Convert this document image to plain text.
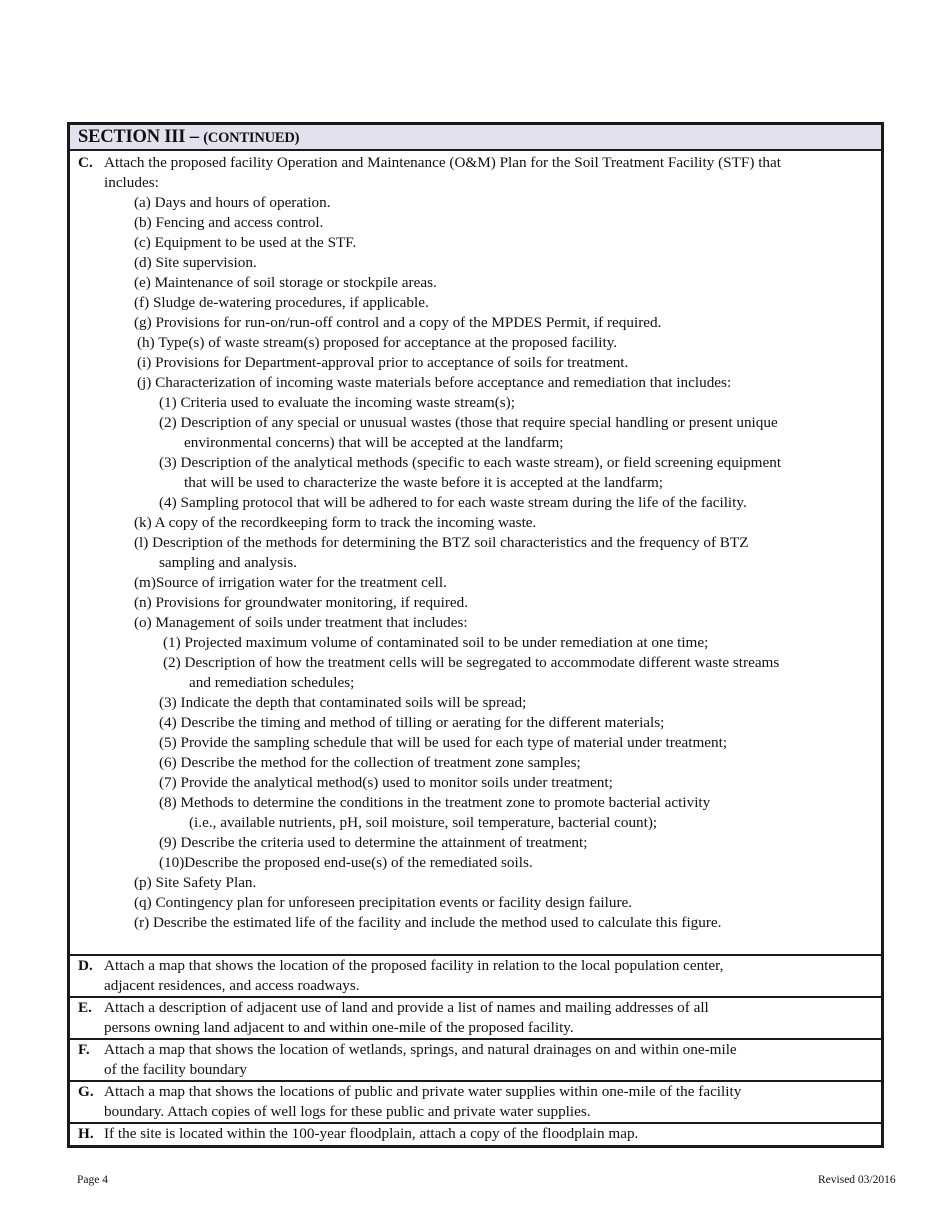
SECTION III – (CONTINUED)
C. Attach the proposed facility Operation and Maintenance (O&M) Plan for the Soil Treatment Facility (STF) that
includes:
(a) Days and hours of operation.
(b) Fencing and access control.
(c) Equipment to be used at the STF.
(d) Site supervision.
(e) Maintenance of soil storage or stockpile areas.
(f) Sludge de-watering procedures, if applicable.
(g) Provisions for run-on/run-off control and a copy of the MPDES Permit, if required.
(h) Type(s) of waste stream(s) proposed for acceptance at the proposed facility.
(i) Provisions for Department-approval prior to acceptance of soils for treatment.
(j) Characterization of incoming waste materials before acceptance and remediation that includes:
(1) Criteria used to evaluate the incoming waste stream(s);
(2) Description of any special or unusual wastes (those that require special handling or present unique
environmental concerns) that will be accepted at the landfarm;
(3) Description of the analytical methods (specific to each waste stream), or field screening equipment
that will be used to characterize the waste before it is accepted at the landfarm;
(4) Sampling protocol that will be adhered to for each waste stream during the life of the facility.
(k) A copy of the recordkeeping form to track the incoming waste.
(l) Description of the methods for determining the BTZ soil characteristics and the frequency of BTZ
sampling and analysis.
(m)Source of irrigation water for the treatment cell.
(n) Provisions for groundwater monitoring, if required.
(o) Management of soils under treatment that includes:
(1) Projected maximum volume of contaminated soil to be under remediation at one time;
(2) Description of how the treatment cells will be segregated to accommodate different waste streams
and remediation schedules;
(3) Indicate the depth that contaminated soils will be spread;
(4) Describe the timing and method of tilling or aerating for the different materials;
(5) Provide the sampling schedule that will be used for each type of material under treatment;
(6) Describe the method for the collection of treatment zone samples;
(7) Provide the analytical method(s) used to monitor soils under treatment;
(8) Methods to determine the conditions in the treatment zone to promote bacterial activity
(i.e., available nutrients, pH, soil moisture, soil temperature, bacterial count);
(9) Describe the criteria used to determine the attainment of treatment;
(10)Describe the proposed end-use(s) of the remediated soils.
(p) Site Safety Plan.
(q) Contingency plan for unforeseen precipitation events or facility design failure.
(r) Describe the estimated life of the facility and include the method used to calculate this figure.
D. Attach a map that shows the location of the proposed facility in relation to the local population center,
adjacent residences, and access roadways.
E. Attach a description of adjacent use of land and provide a list of names and mailing addresses of all
persons owning land adjacent to and within one-mile of the proposed facility.
F. Attach a map that shows the location of wetlands, springs, and natural drainages on and within one-mile
of the facility boundary
G. Attach a map that shows the locations of public and private water supplies within one-mile of the facility
boundary. Attach copies of well logs for these public and private water supplies.
H. If the site is located within the 100-year floodplain, attach a copy of the floodplain map.
Page 4	Revised 03/2016
